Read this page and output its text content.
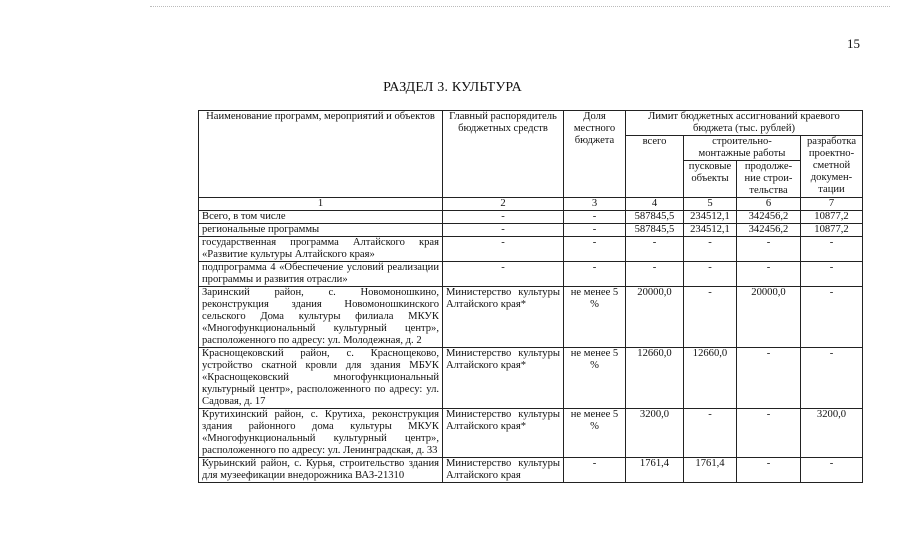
15
РАЗДЕЛ 3. КУЛЬТУРА
Наименование программ, мероприятий и объектов	Главный распорядитель бюджетных средств	Доля местного бюджета	Лимит бюджетных ассигнований краевого бюджета (тыс. рублей)			
			всего	строительно-монтажные работы		разработка проектно-сметной докумен-тации
				пусковые объекты	продолже-ние строи-тельства	
1	2	3	4	5	6	7
Всего, в том числе	-	-	587845,5	234512,1	342456,2	10877,2
региональные программы	-	-	587845,5	234512,1	342456,2	10877,2
государственная программа Алтайского края «Развитие культуры Алтайского края»	-	-	-	-	-	-
подпрограмма 4 «Обеспечение условий реализации программы и развития отрасли»	-	-	-	-	-	-
Заринский район, с. Новомоношкино, реконструкция здания Новомоношкинского сельского Дома культуры филиала МКУК «Многофункциональный культурный центр», расположенного по адресу: ул. Молодежная, д. 2	Министерство культуры Алтайского края*	не менее 5 %	20000,0	-	20000,0	-
Краснощековский район, с. Краснощеково, устройство скатной кровли для здания МБУК «Краснощековский многофункциональный культурный центр», расположенного по адресу: ул. Садовая, д. 17	Министерство культуры Алтайского края*	не менее 5 %	12660,0	12660,0	-	-
Крутихинский район, с. Крутиха, реконструкция здания районного дома культуры МКУК «Многофункциональный культурный центр», расположенного по адресу: ул. Ленинградская, д. 33	Министерство культуры Алтайского края*	не менее 5 %	3200,0	-	-	3200,0
Курьинский район, с. Курья, строительство здания для музеефикации внедорожника ВАЗ-21310	Министерство культуры Алтайского края	-	1761,4	1761,4	-	-
